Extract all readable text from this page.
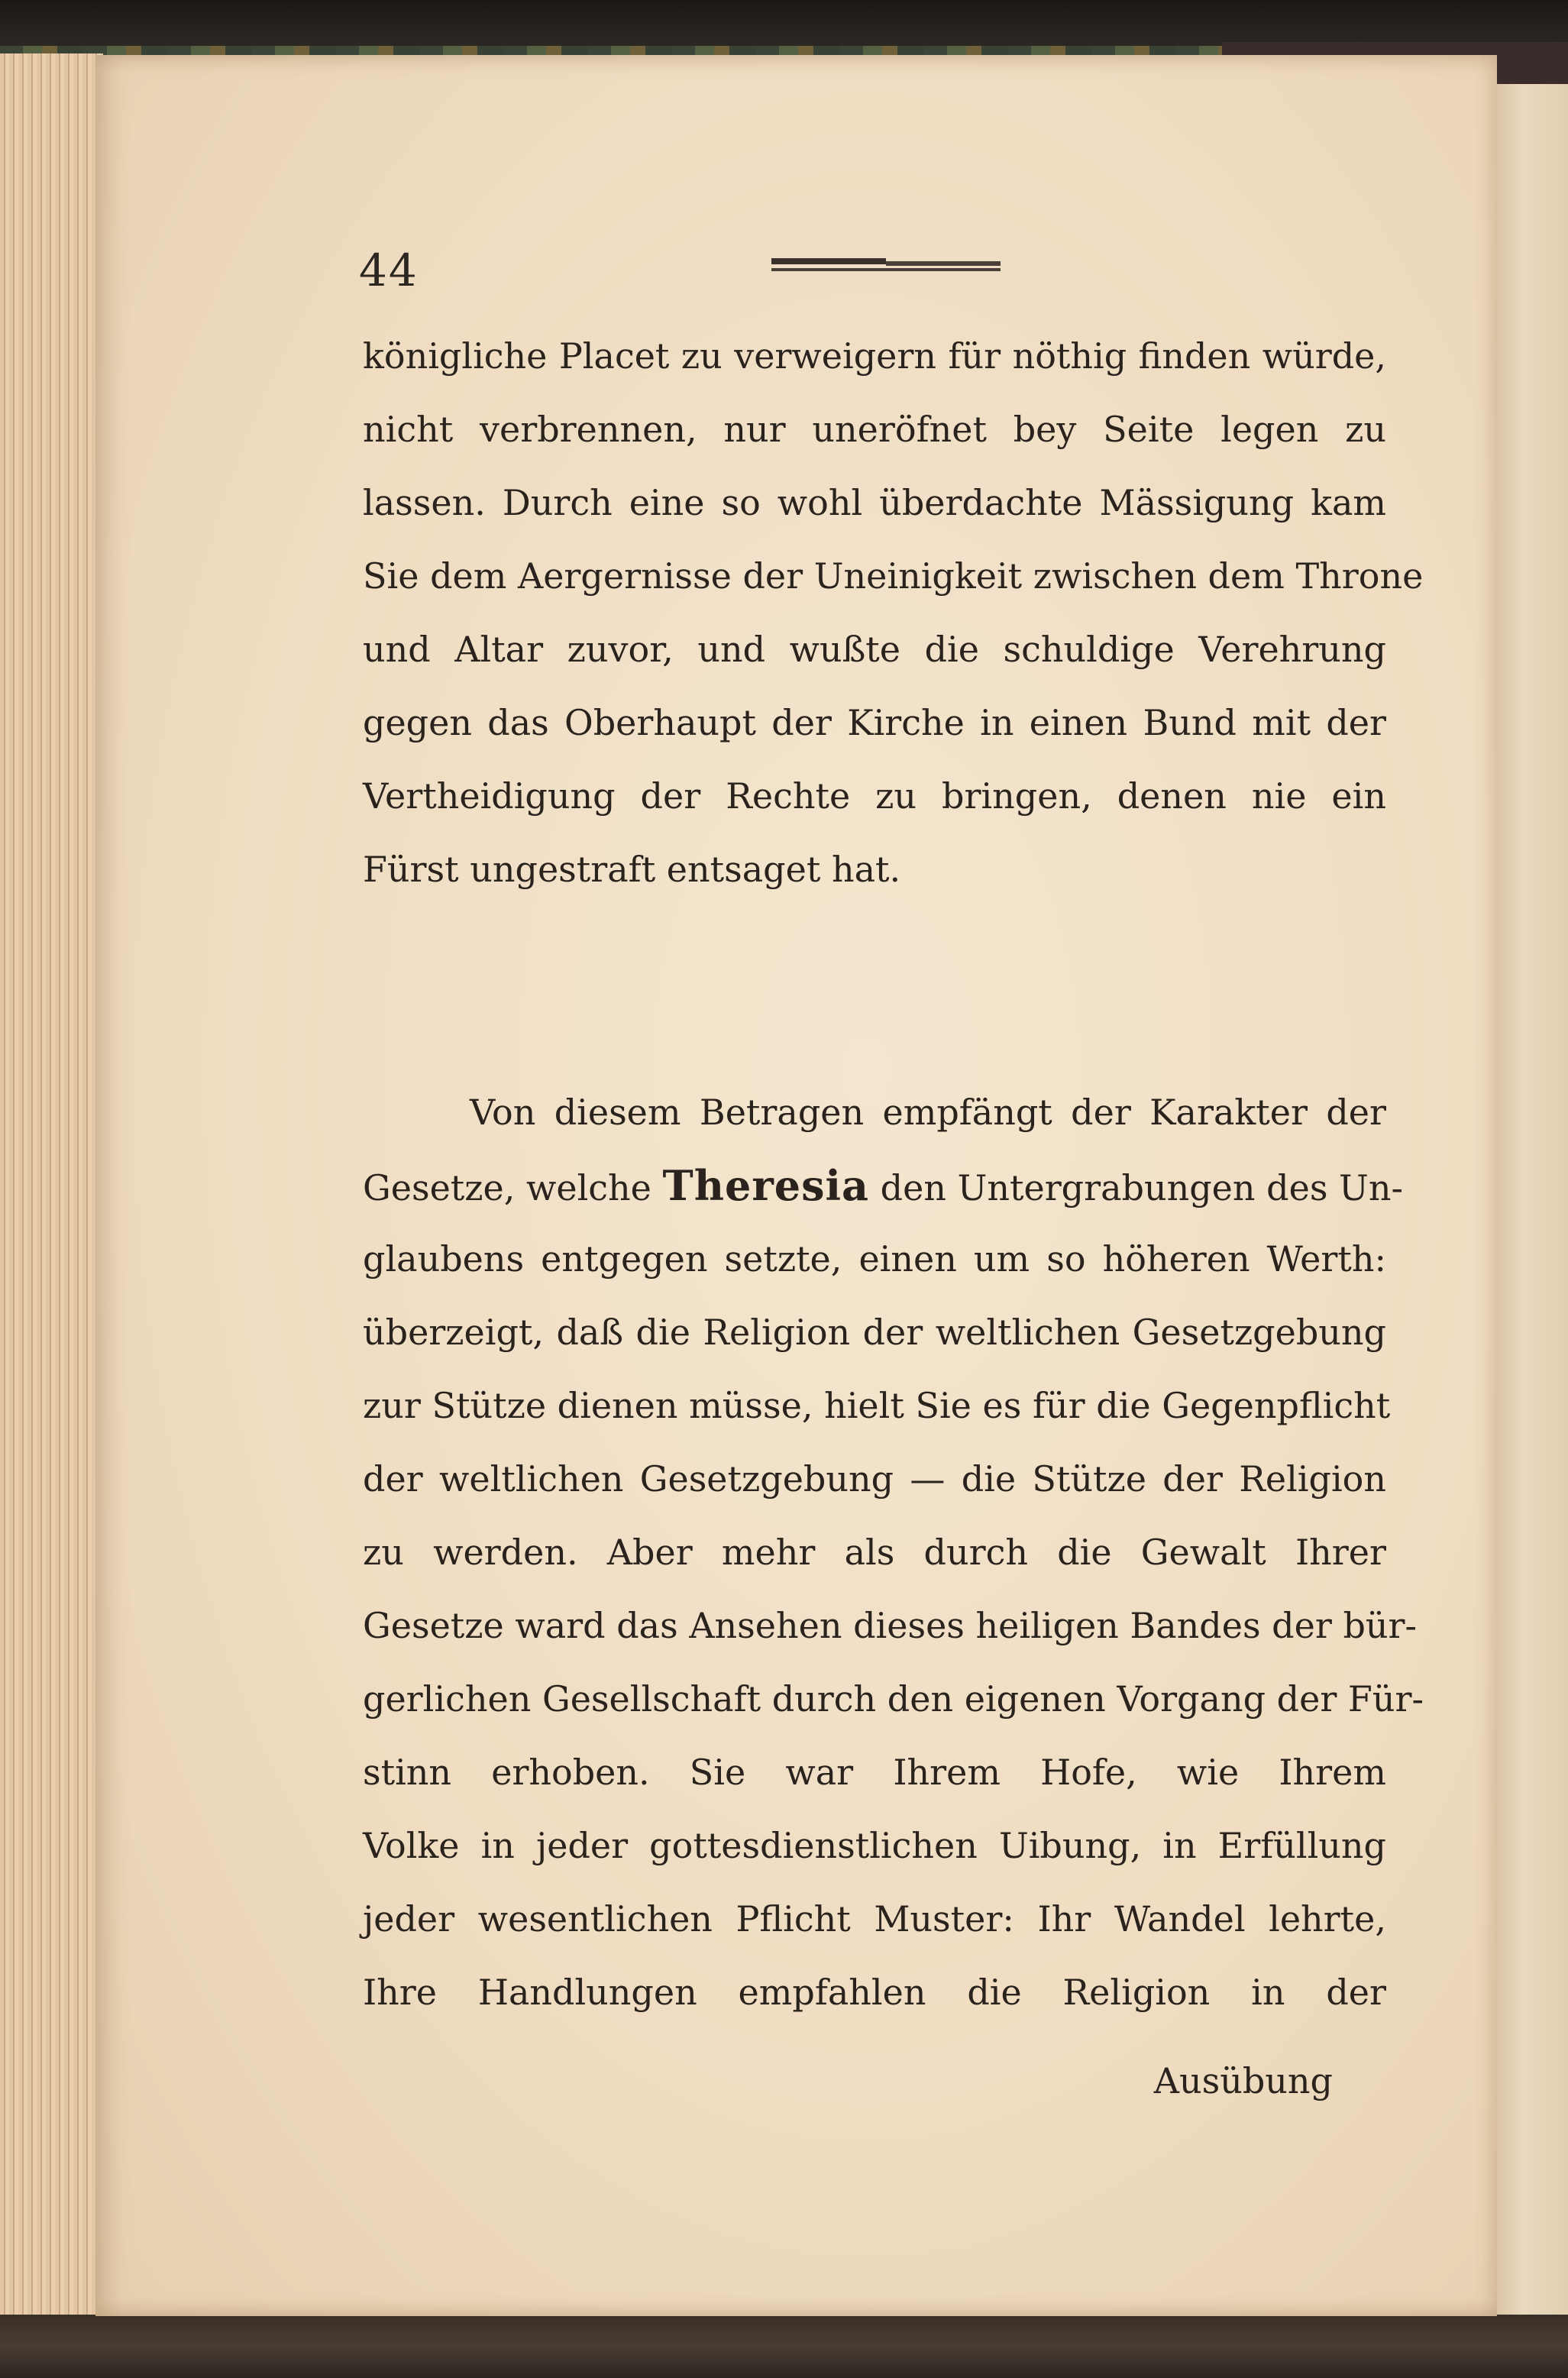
44
königliche Placet zu verweigern für nöthig finden würde,
nicht verbrennen, nur uneröfnet bey Seite legen zu
lassen. Durch eine so wohl überdachte Mässigung kam
Sie dem Aergernisse der Uneinigkeit zwischen dem Throne
und Altar zuvor, und wußte die schuldige Verehrung
gegen das Oberhaupt der Kirche in einen Bund mit der
Vertheidigung der Rechte zu bringen, denen nie ein
Fürst ungestraft entsaget hat.
Von diesem Betragen empfängt der Karakter der
Gesetze, welche Theresia den Untergrabungen des Un-
glaubens entgegen setzte, einen um so höheren Werth:
überzeigt, daß die Religion der weltlichen Gesetzgebung
zur Stütze dienen müsse, hielt Sie es für die Gegenpflicht
der weltlichen Gesetzgebung — die Stütze der Religion
zu werden. Aber mehr als durch die Gewalt Ihrer
Gesetze ward das Ansehen dieses heiligen Bandes der bür-
gerlichen Gesellschaft durch den eigenen Vorgang der Für-
stinn erhoben. Sie war Ihrem Hofe, wie Ihrem
Volke in jeder gottesdienstlichen Uibung, in Erfüllung
jeder wesentlichen Pflicht Muster: Ihr Wandel lehrte,
Ihre Handlungen empfahlen die Religion in der
Ausübung
